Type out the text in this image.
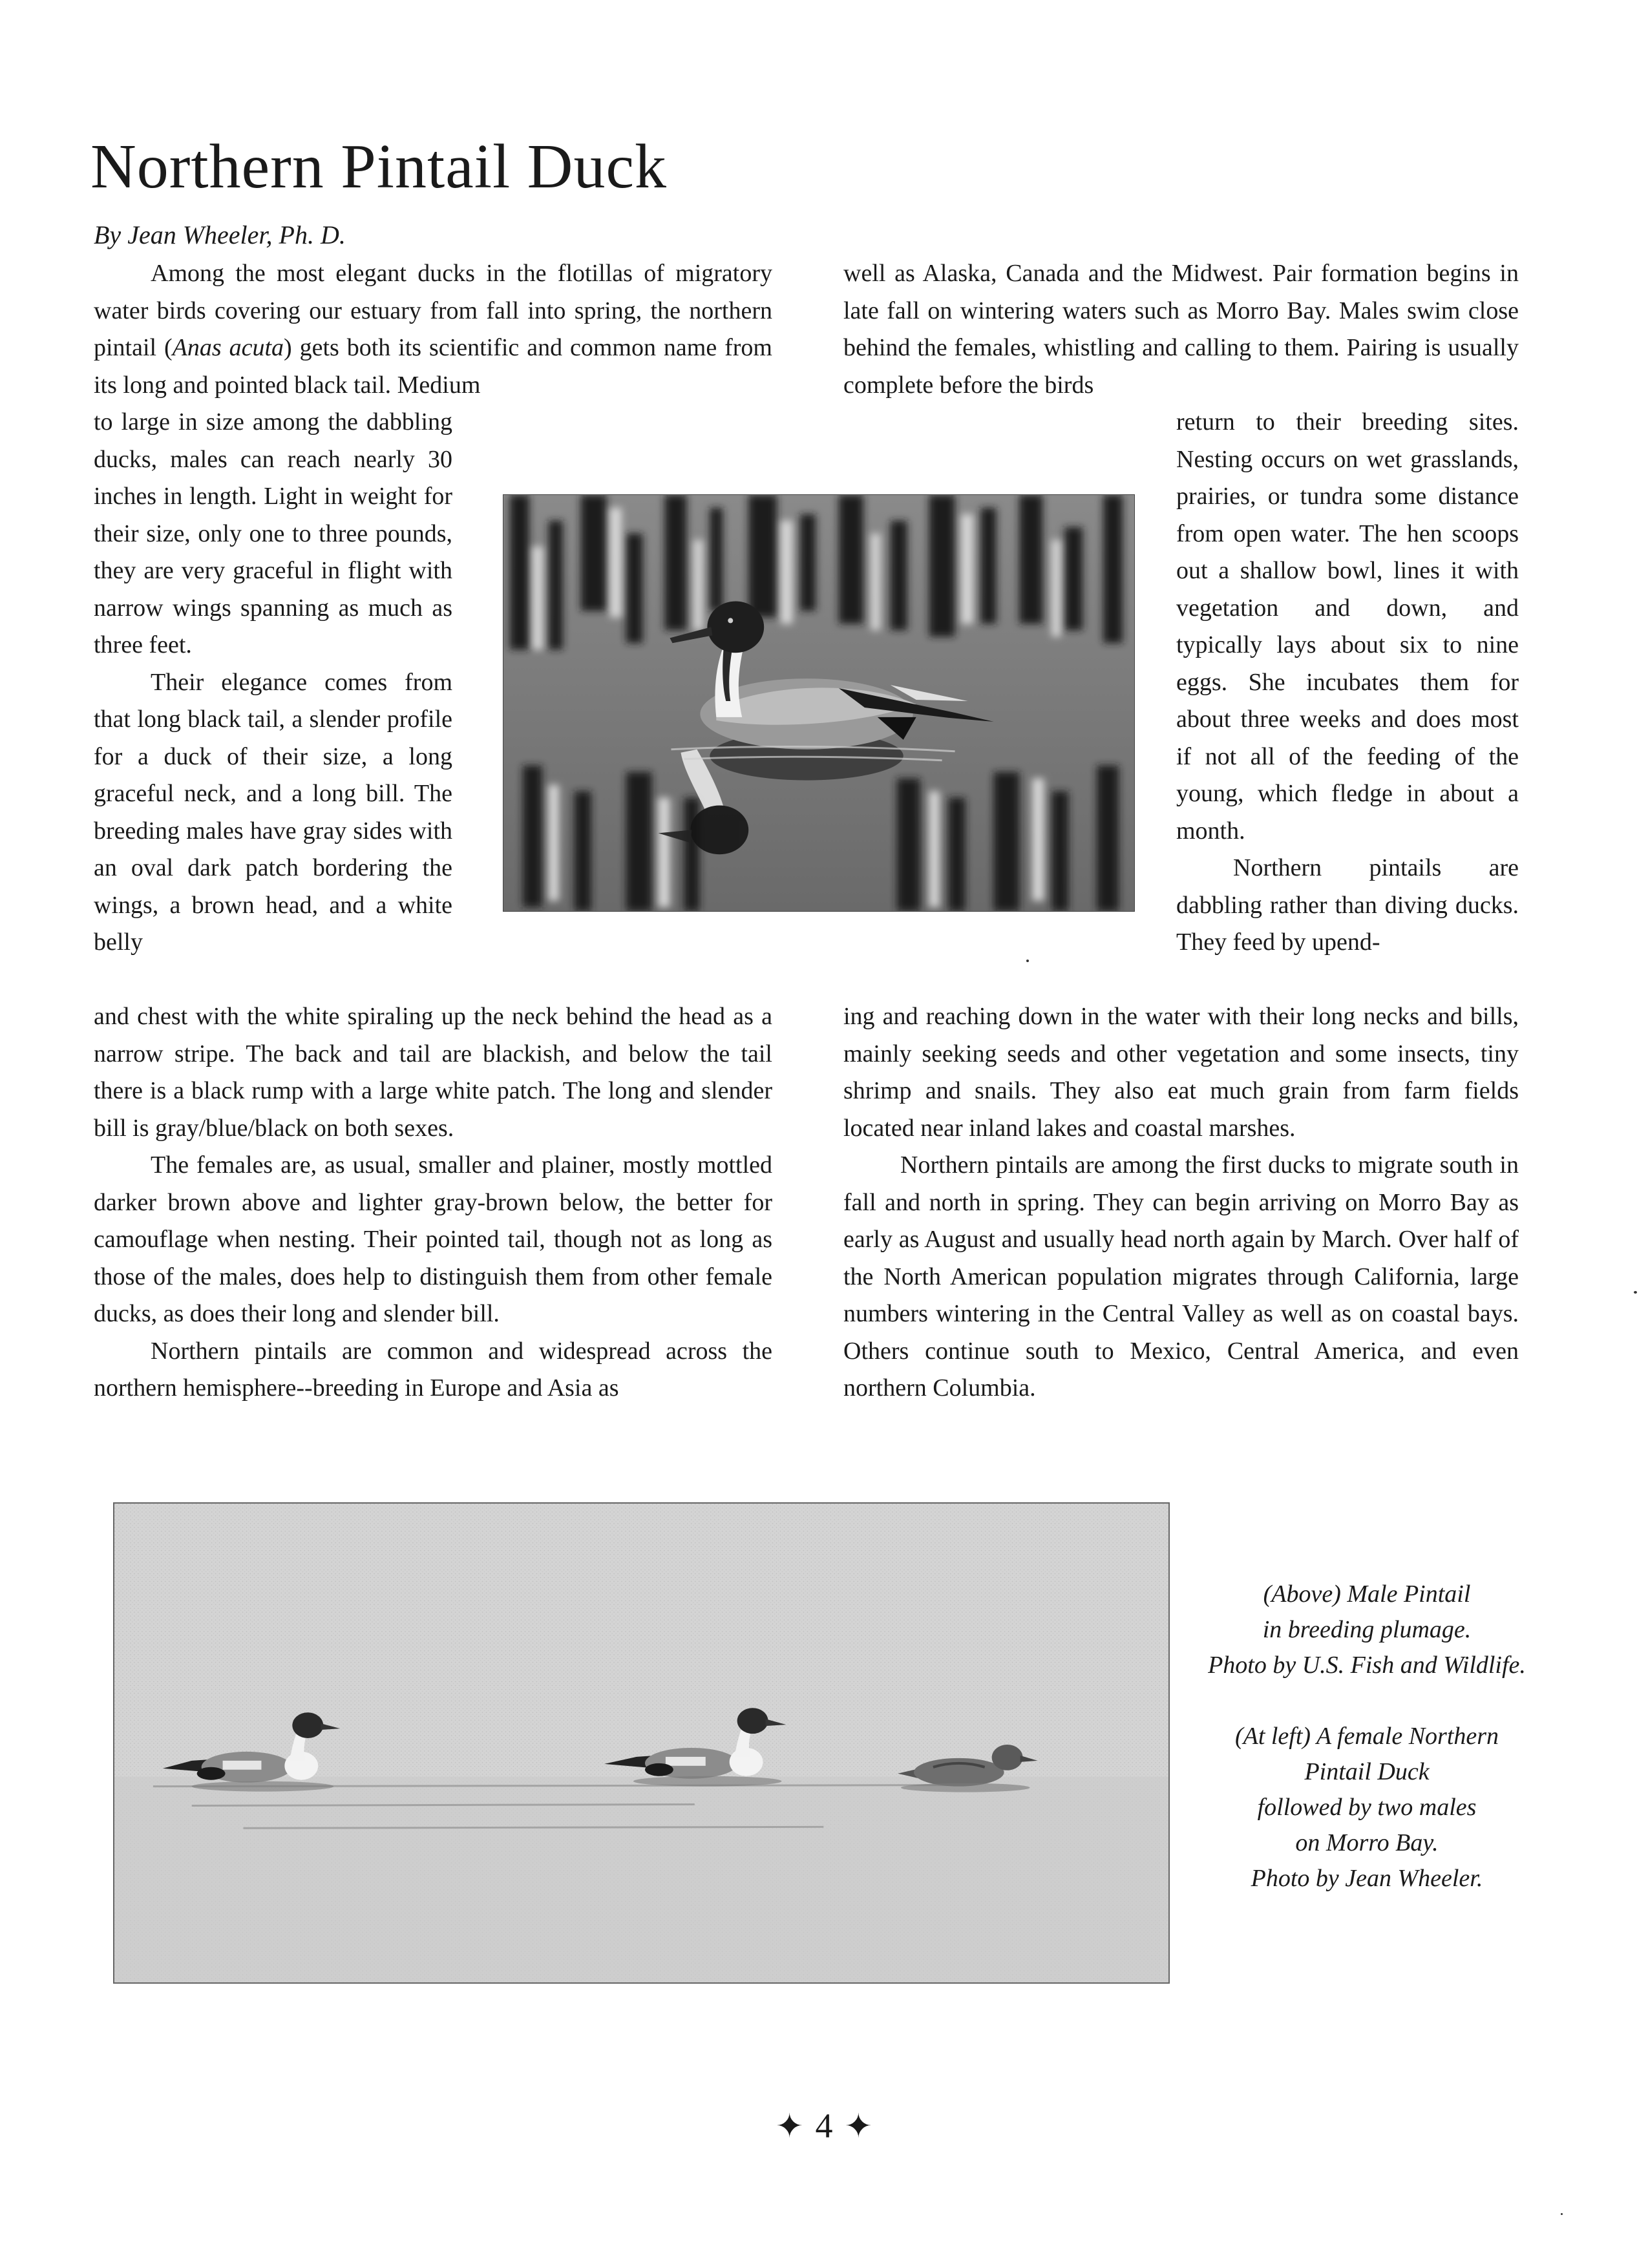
Northern Pintail Duck
By Jean Wheeler, Ph. D.

Among the most elegant ducks in the flotillas of migratory water birds covering our estuary from fall into spring, the northern pintail (Anas acuta) gets both its scientific and common name from its long and pointed black tail. Medium

to large in size among the dabbling ducks, males can reach nearly 30 inches in length. Light in weight for their size, only one to three pounds, they are very graceful in flight with narrow wings spanning as much as three feet.

Their elegance comes from that long black tail, a slender profile for a duck of their size, a long graceful neck, and a long bill. The breeding males have gray sides with an oval dark patch bordering the wings, a brown head, and a white belly

and chest with the white spiraling up the neck behind the head as a narrow stripe. The back and tail are blackish, and below the tail there is a black rump with a large white patch. The long and slender bill is gray/blue/black on both sexes.

The females are, as usual, smaller and plainer, mostly mottled darker brown above and lighter gray-brown below, the better for camouflage when nesting. Their pointed tail, though not as long as those of the males, does help to distinguish them from other female ducks, as does their long and slender bill.

Northern pintails are common and widespread across the northern hemisphere--breeding in Europe and Asia as

well as Alaska, Canada and the Midwest. Pair formation begins in late fall on wintering waters such as Morro Bay. Males swim close behind the females, whistling and calling to them. Pairing is usually complete before the birds

return to their breeding sites. Nesting occurs on wet grasslands, prairies, or tundra some distance from open water. The hen scoops out a shallow bowl, lines it with vegetation and down, and typically lays about six to nine eggs. She incubates them for about three weeks and does most if not all of the feeding of the young, which fledge in about a month.

Northern pintails are dabbling rather than diving ducks. They feed by upend-

ing and reaching down in the water with their long necks and bills, mainly seeking seeds and other vegetation and some insects, tiny shrimp and snails. They also eat much grain from farm fields located near inland lakes and coastal marshes.

Northern pintails are among the first ducks to migrate south in fall and north in spring. They can begin arriving on Morro Bay as early as August and usually head north again by March. Over half of the North American population migrates through California, large numbers wintering in the Central Valley as well as on coastal bays. Others continue south to Mexico, Central America, and even northern Columbia.

(Above) Male Pintail
in breeding plumage.
Photo by U.S. Fish and Wildlife.
(At left) A female Northern
Pintail Duck
followed by two males
on Morro Bay.
Photo by Jean Wheeler.
✦ 4 ✦
